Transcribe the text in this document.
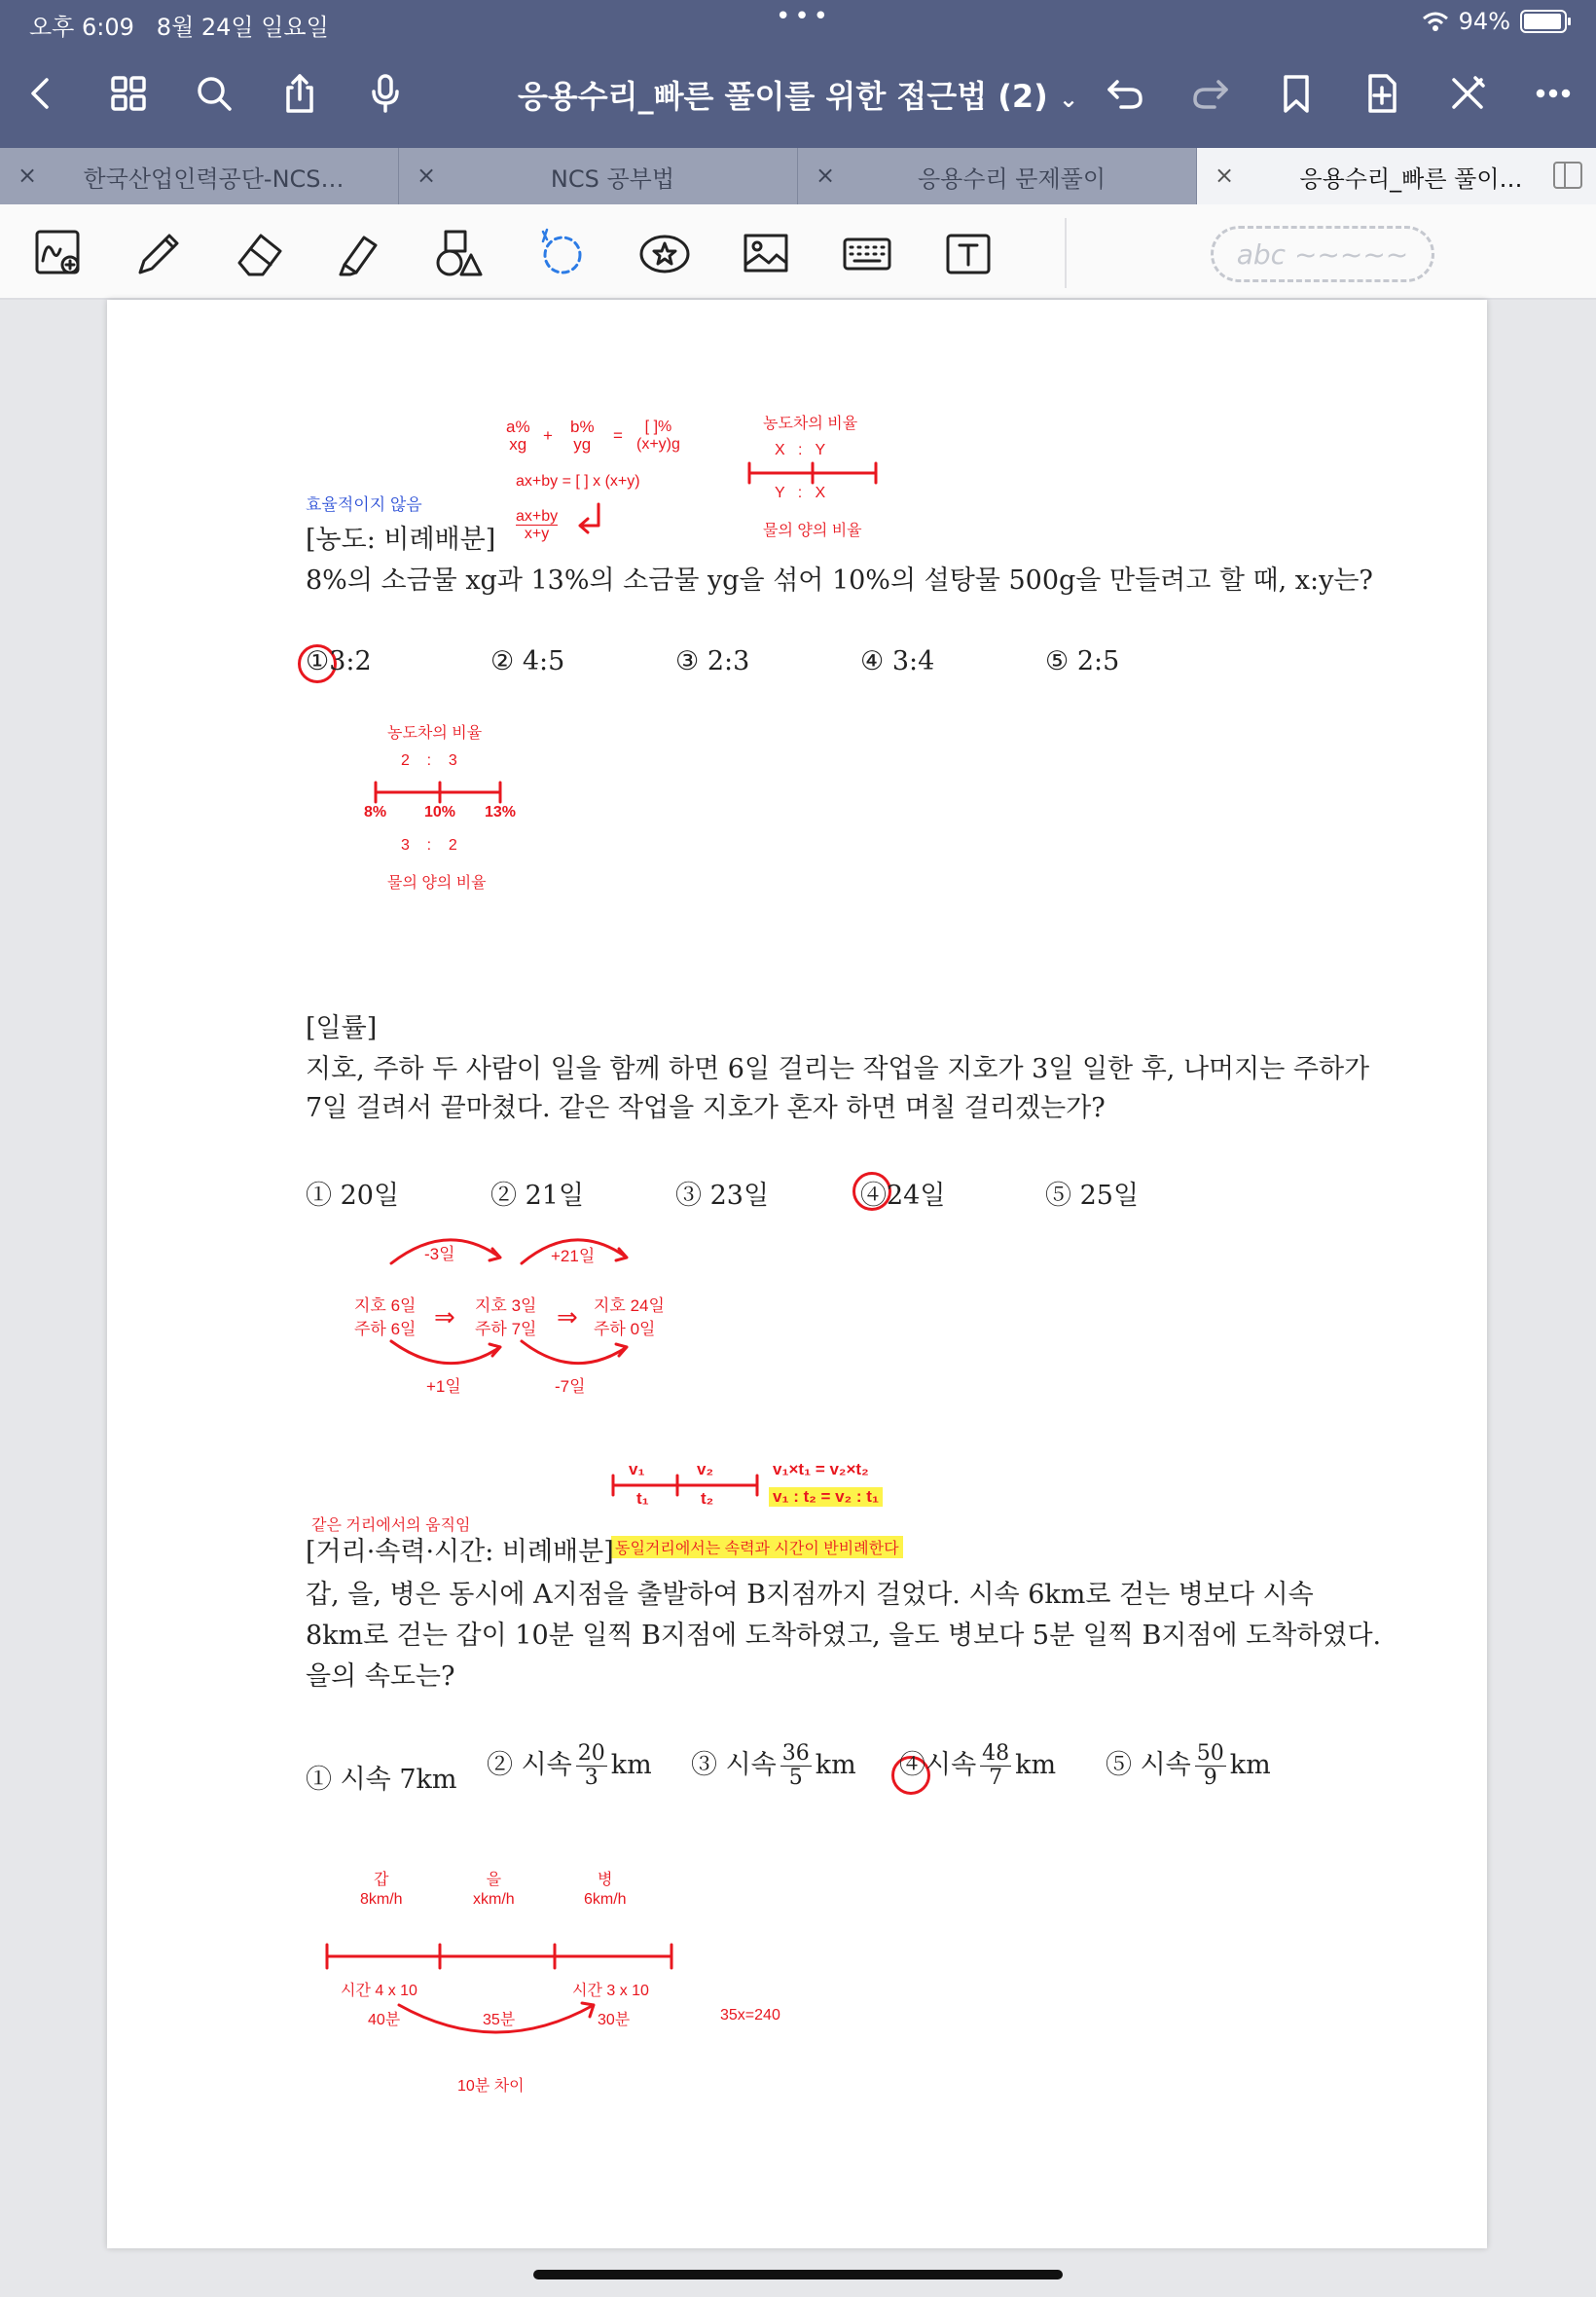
오후 6:09 8월 24일 일요일	•••	94%
응용수리_빠른 풀이를 위한 접근법 (2) ⌄
×	한국산업인력공단-NCS…	×	NCS 공부법	×	응용수리 문제풀이	×	응용수리_빠른 풀이…
abc ~~~~~
효율적이지 않음
a%
xg + b%
yg =	[ ]%
(x+y)g
ax+by = [ ] x (x+y)
ax+by
x+y
농도차의 비율
X   :   Y
Y   :   X
물의 양의 비율
[농도: 비례배분]
8%의 소금물 xg과 13%의 소금물 yg을 섞어 10%의 설탕물 500g을 만들려고 할 때, x:y는?
①3:2	② 4:5	③ 2:3	④ 3:4	⑤ 2:5
농도차의 비율
2    :    3
8% 10% 13%
3    :    2
물의 양의 비율
[일률]
지호, 주하 두 사람이 일을 함께 하면 6일 걸리는 작업을 지호가 3일 일한 후, 나머지는 주하가
7일 걸려서 끝마쳤다. 같은 작업을 지호가 혼자 하면 며칠 걸리겠는가?
① 20일	② 21일	③ 23일	④24일	⑤ 25일
-3일	+21일
지호 6일
주하 6일 ⇒ 지호 3일
주하 7일 ⇒ 지호 24일
주하 0일
+1일	-7일
v₁	v₂
t₁	t₂
v₁×t₁ = v₂×t₂
v₁ : t₂ = v₂ : t₁
같은 거리에서의 움직임
동일거리에서는 속력과 시간이 반비례한다
[거리·속력·시간: 비례배분]
갑, 을, 병은 동시에 A지점을 출발하여 B지점까지 걸었다. 시속 6km로 걷는 병보다 시속
8km로 걷는 갑이 10분 일찍 B지점에 도착하였고, 을도 병보다 5분 일찍 B지점에 도착하였다.
을의 속도는?
① 시속 7km ② 시속 $\frac{20}{3}$ km ③ 시속 $\frac{36}{5}$ km ④시속 $\frac{48}{7}$ km ⑤ 시속 $\frac{50}{9}$ km
갑
8km/h
을
xkm/h
병
6km/h
시간 4 x 10	시간 3 x 10
40분	35분	30분	35x=240
10분 차이
